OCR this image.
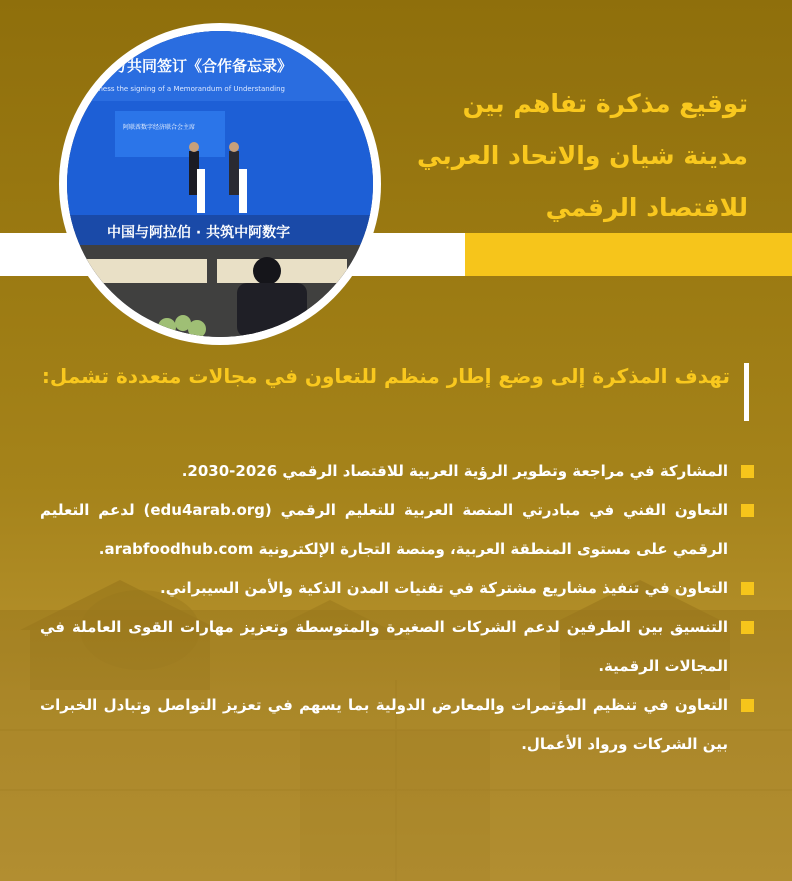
双方共同签订《合作备忘录》
Witness the signing of a Memorandum of Understanding
阿联酋数字经济联合会主席
中国与阿拉伯 · 共筑中阿数字
توقيع مذكرة تفاهم بين
مدينة شيان والاتحاد العربي
للاقتصاد الرقمي
تهدف المذكرة إلى وضع إطار منظم للتعاون في مجالات متعددة تشمل:
المشاركة في مراجعة وتطوير الرؤية العربية للاقتصاد الرقمي 2026-2030.
التعاون الفني في مبادرتي المنصة العربية للتعليم الرقمي (edu4arab.org) لدعم التعليم الرقمي على مستوى المنطقة العربية، ومنصة التجارة الإلكترونية arabfoodhub.com.
التعاون في تنفيذ مشاريع مشتركة في تقنيات المدن الذكية والأمن السيبراني.
التنسيق بين الطرفين لدعم الشركات الصغيرة والمتوسطة وتعزيز مهارات القوى العاملة في المجالات الرقمية.
التعاون في تنظيم المؤتمرات والمعارض الدولية بما يسهم في تعزيز التواصل وتبادل الخبرات بين الشركات ورواد الأعمال.
